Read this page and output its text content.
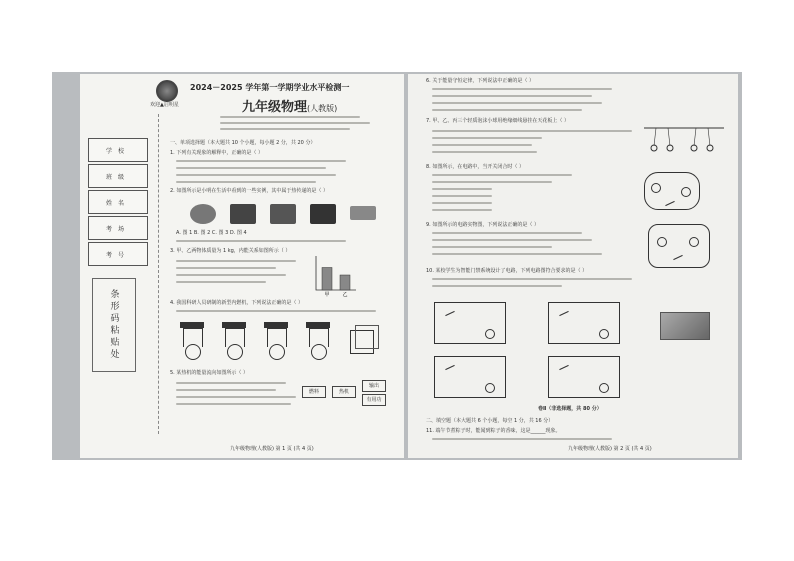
欢迎▲启明星
2024－2025 学年第一学期学业水平检测一
九年级物理(人教版)
学校
班级
姓名
考场
考号
条形码粘贴处
一、单项选择题（本大题共 10 个小题，每小题 2 分，共 20 分）
1. 下列有关现象的解释中，正确的是（ ）
2. 如图所示是小明在生活中看到的一些实例，其中属于热传递的是（ ）
A. 图 1 B. 图 2 C. 图 3 D. 图 4
3. 甲、乙两物体质量为 1 kg，内能关系如图所示（ ）
甲	乙
4. 我国科研人员研制的新型内燃机，下列说法正确的是（ ）
5. 某热机的能量流向如图所示（ ）
燃料	热机
输出
有用功
九年级物理(人教版) 第 1 页 (共 4 页)
6. 关于能量守恒定律，下列说法中正确的是（ ）
7. 甲、乙、丙三个轻质泡沫小球用绝缘细线悬挂在天花板上（ ）
8. 如图所示，在电路中，当开关闭合时（ ）
9. 如图所示的电路实物图，下列说法正确的是（ ）
10. 某校学生为智能门禁系统设计了电路，下列电路图符合要求的是（ ）
卷Ⅱ（非选择题，共 80 分）
二、填空题（本大题共 6 个小题，每空 1 分，共 16 分）
11. 端午节煮粽子时，能闻到粽子的香味，这是______现象。
九年级物理(人教版) 第 2 页 (共 4 页)
